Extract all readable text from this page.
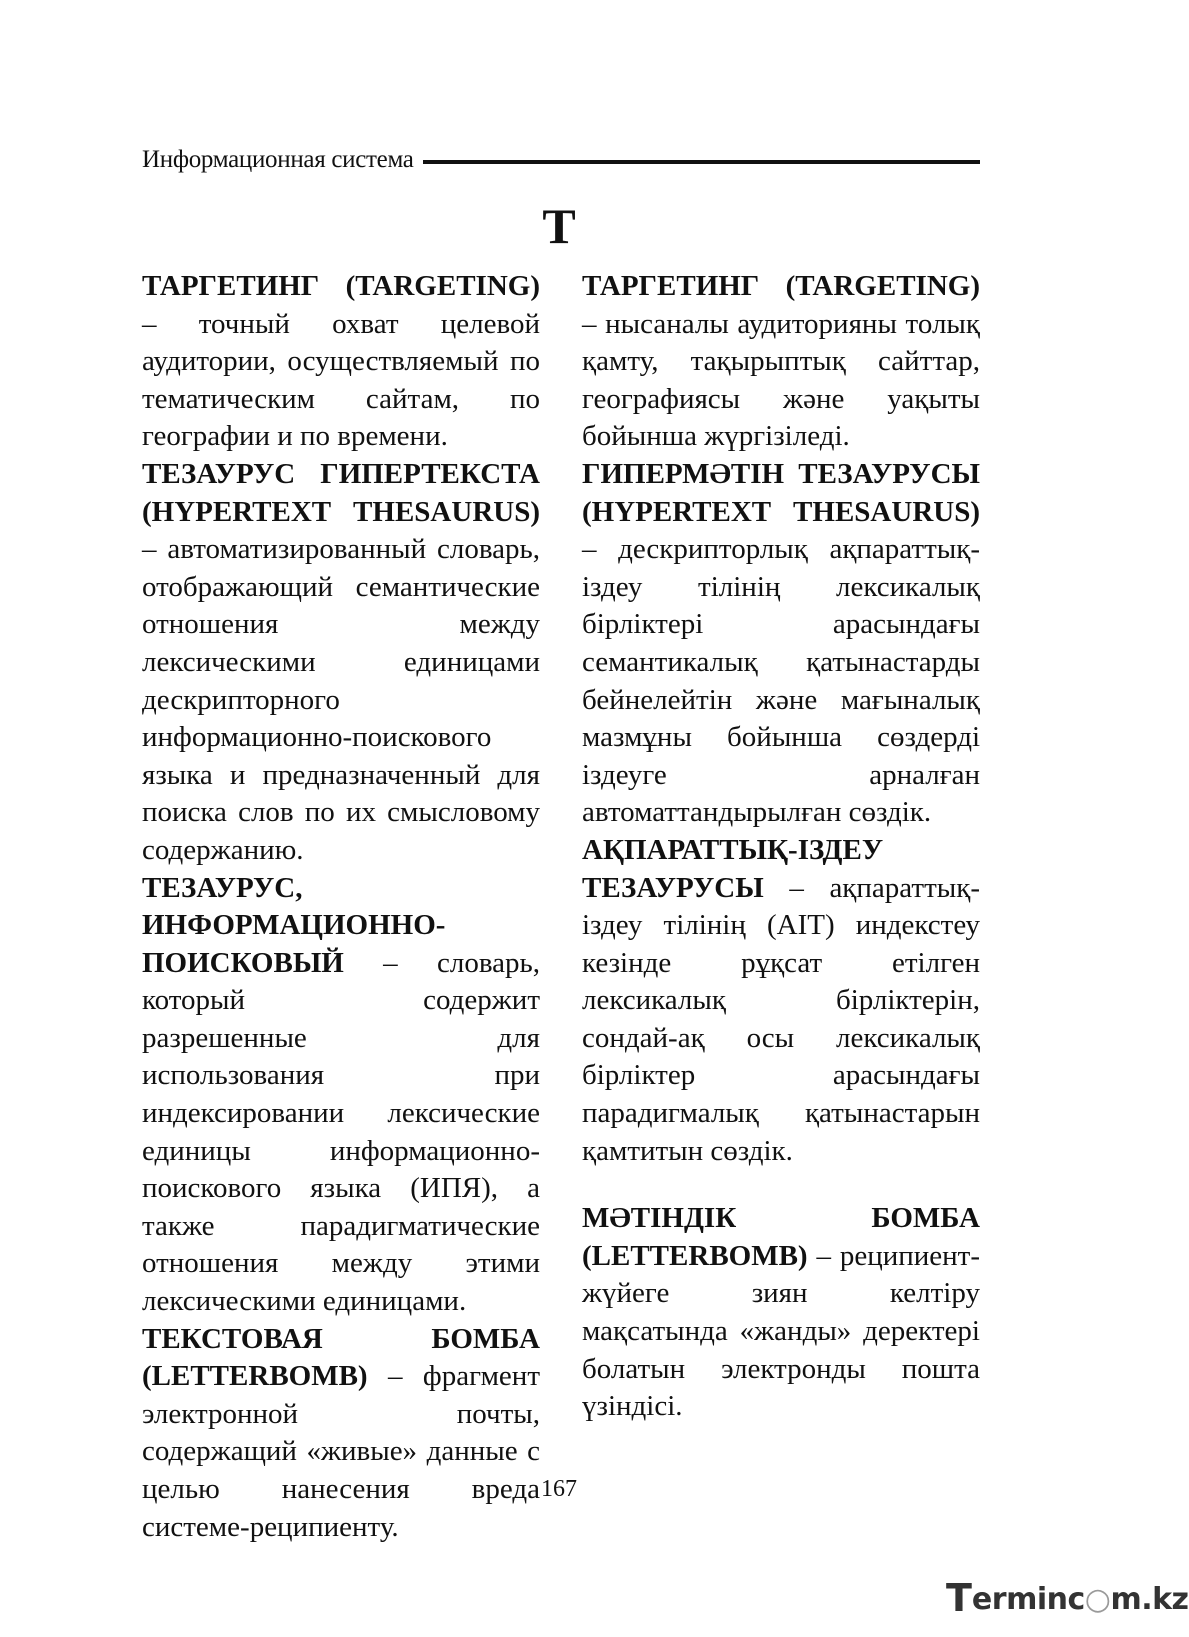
Информационная система
T

ТАРГЕТИНГ (TARGETING) – точный охват целевой аудитории, осуществляемый по тематическим сайтам, по географии и по времени.

ТЕЗАУРУС ГИПЕРТЕКСТА (HYPERTEXT THESAURUS) – автоматизированный словарь, отображающий семантические отношения между лексическими единицами дескрипторного информационно-поискового языка и предназначенный для поиска слов по их смысловому содержанию.

ТЕЗАУРУС, ИНФОРМАЦИОННО-ПОИСКОВЫЙ – словарь, который содержит разрешенные для использования при индексировании лексические единицы информационно-поискового языка (ИПЯ), а также парадигматические отношения между этими лексическими единицами.

ТЕКСТОВАЯ БОМБА (LETTERBOMB) – фрагмент электронной почты, содержащий «живые» данные с целью нанесения вреда системе-реципиенту.

ТАРГЕТИНГ (TARGETING) – нысаналы аудиторияны толық қамту, тақырыптық сайттар, географиясы және уақыты бойынша жүргізіледі.

ГИПЕРМӘТІН ТЕЗАУРУСЫ (HYPERTEXT THESAURUS) – дескрипторлық ақпараттық-іздеу тілінің лексикалық бірліктері арасындағы семантикалық қатынастарды бейнелейтін және мағыналық мазмұны бойынша сөздерді іздеуге арналған автоматтандырылған сөздік.

АҚПАРАТТЫҚ-ІЗДЕУ ТЕЗАУРУСЫ – ақпараттық-іздеу тілінің (АІТ) индекстеу кезінде рұқсат етілген лексикалық бірліктерін, сондай-ақ осы лексикалық бірліктер арасындағы парадигмалық қатынастарын қамтитын сөздік.

МӘТІНДІК БОМБА (LETTERBOMB) – реципиент-жүйеге зиян келтіру мақсатында «жанды» деректері болатын электронды пошта үзіндісі.

167
T erminc○m.kz
